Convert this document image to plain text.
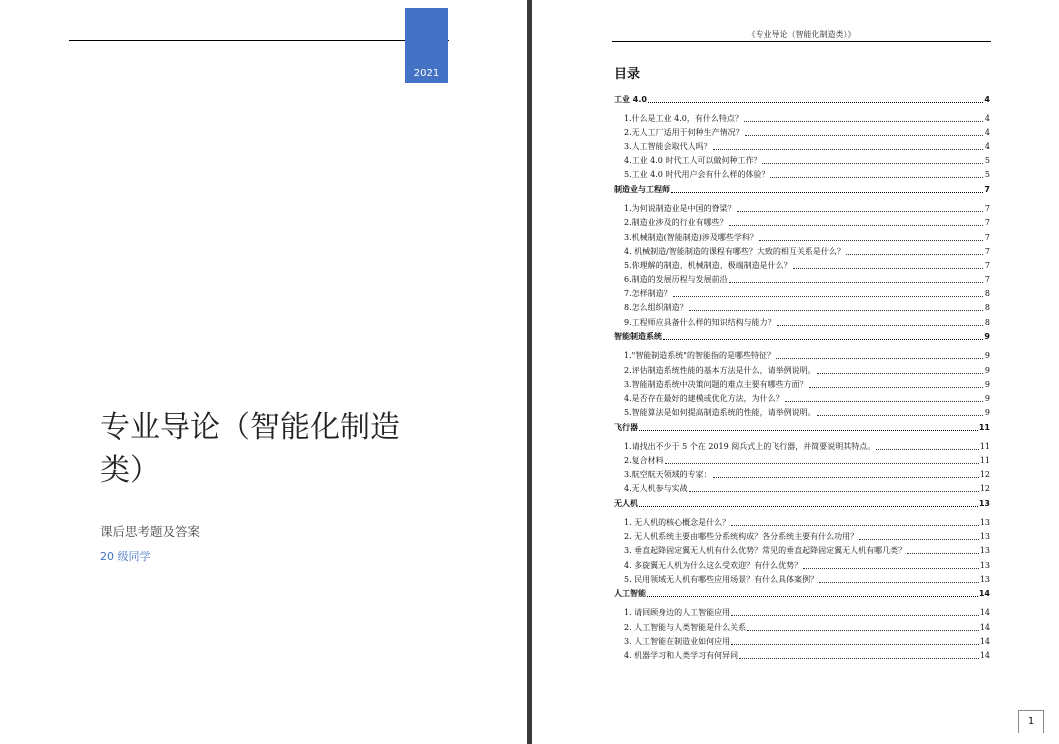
2021
专业导论（智能化制造类）
课后思考题及答案
20 级同学
《专业导论（智能化制造类）》
目录
工业 4.0	4
1.什么是工业 4.0，有什么特点？	4
2.无人工厂适用于何种生产情况？	4
3.人工智能会取代人吗？	4
4.工业 4.0 时代工人可以做何种工作？	5
5.工业 4.0 时代用户会有什么样的体验？	5
制造业与工程师	7
1.为何说制造业是中国的脊梁？	7
2.制造业涉及的行业有哪些？	7
3.机械制造(智能制造)涉及哪些学科？	7
4. 机械制造/智能制造的课程有哪些？大致的相互关系是什么？	7
5.你理解的制造、机械制造、极端制造是什么？	7
6.制造的发展历程与发展前沿	7
7.怎样制造？	8
8.怎么组织制造？	8
9.工程师应具备什么样的知识结构与能力？	8
智能制造系统	9
1."智能制造系统"的智能指的是哪些特征？	9
2.评估制造系统性能的基本方法是什么，请举例说明。	9
3.智能制造系统中决策问题的难点主要有哪些方面？	9
4.是否存在最好的建模或优化方法，为什么？	9
5.智能算法是如何提高制造系统的性能，请举例说明。	9
飞行器	11
1.请找出不少于 5 个在 2019 阅兵式上的飞行器，并简要说明其特点。	11
2.复合材料	11
3.航空航天领域的专家：	12
4.无人机参与实战	12
无人机	13
1. 无人机的核心概念是什么？	13
2. 无人机系统主要由哪些分系统构成？各分系统主要有什么功用？	13
3. 垂直起降固定翼无人机有什么优势？常见的垂直起降固定翼无人机有哪几类？	13
4. 多旋翼无人机为什么这么受欢迎？有什么优势？	13
5. 民用领域无人机有哪些应用场景？有什么具体案例？	13
人工智能	14
1. 请回顾身边的人工智能应用	14
2. 人工智能与人类智能是什么关系	14
3. 人工智能在制造业如何应用	14
4. 机器学习和人类学习有何异同	14
1
